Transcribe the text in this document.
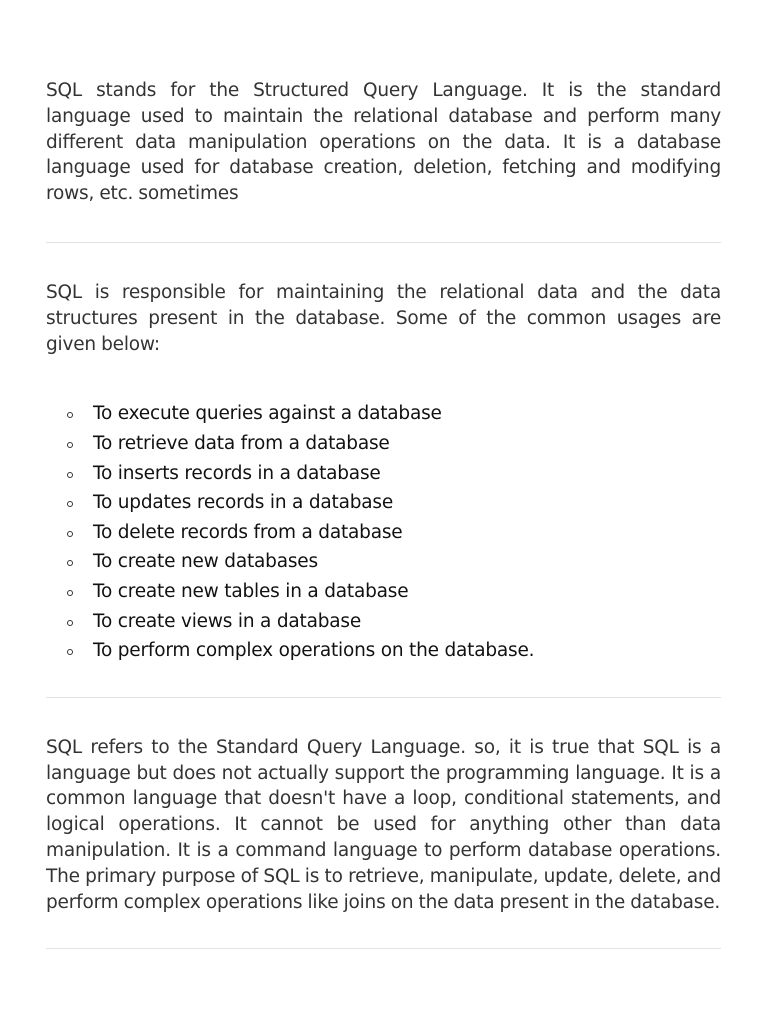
SQL stands for the Structured Query Language. It is the standard language used to maintain the relational database and perform many different data manipulation operations on the data. It is a database language used for database creation, deletion, fetching and modifying rows, etc. sometimes

SQL is responsible for maintaining the relational data and the data structures present in the database. Some of the common usages are given below:

To execute queries against a database
To retrieve data from a database
To inserts records in a database
To updates records in a database
To delete records from a database
To create new databases
To create new tables in a database
To create views in a database
To perform complex operations on the database.

SQL refers to the Standard Query Language. so, it is true that SQL is a language but does not actually support the programming language. It is a common language that doesn't have a loop, conditional statements, and logical operations. It cannot be used for anything other than data manipulation. It is a command language to perform database operations. The primary purpose of SQL is to retrieve, manipulate, update, delete, and perform complex operations like joins on the data present in the database.
